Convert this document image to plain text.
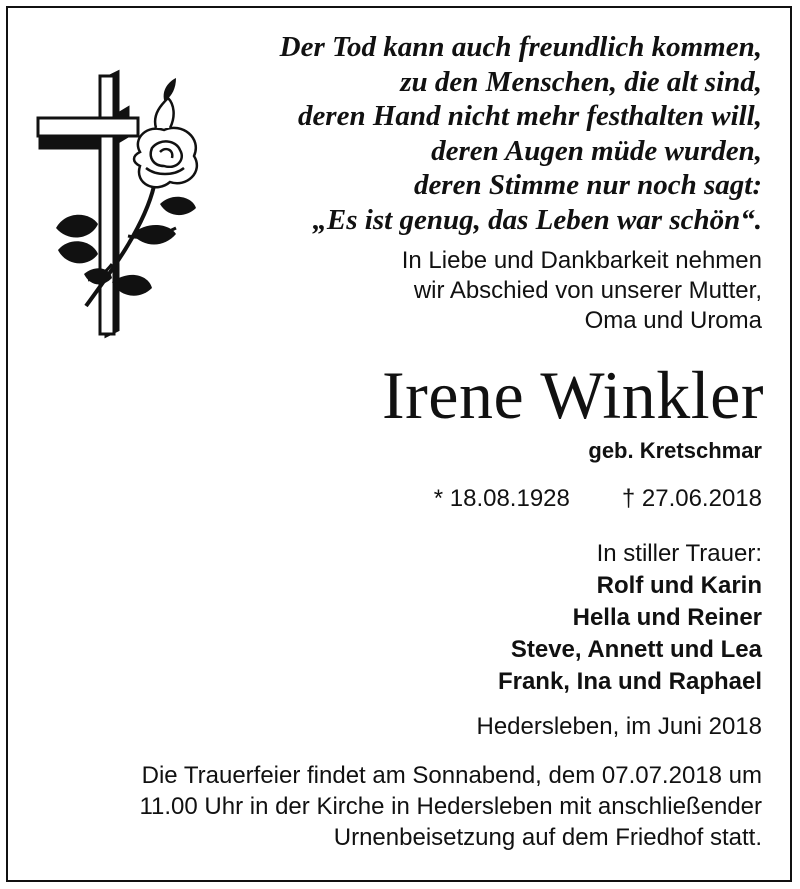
Der Tod kann auch freundlich kommen,
zu den Menschen, die alt sind,
deren Hand nicht mehr festhalten will,
deren Augen müde wurden,
deren Stimme nur noch sagt:
„Es ist genug, das Leben war schön“.
In Liebe und Dankbarkeit nehmen
wir Abschied von unserer Mutter,
Oma und Uroma
Irene Winkler
geb. Kretschmar
* 18.08.1928 † 27.06.2018
In stiller Trauer:
Rolf und Karin
Hella und Reiner
Steve, Annett und Lea
Frank, Ina und Raphael
Hedersleben, im Juni 2018
Die Trauerfeier findet am Sonnabend, dem 07.07.2018 um
11.00 Uhr in der Kirche in Hedersleben mit anschließender
Urnenbeisetzung auf dem Friedhof statt.
